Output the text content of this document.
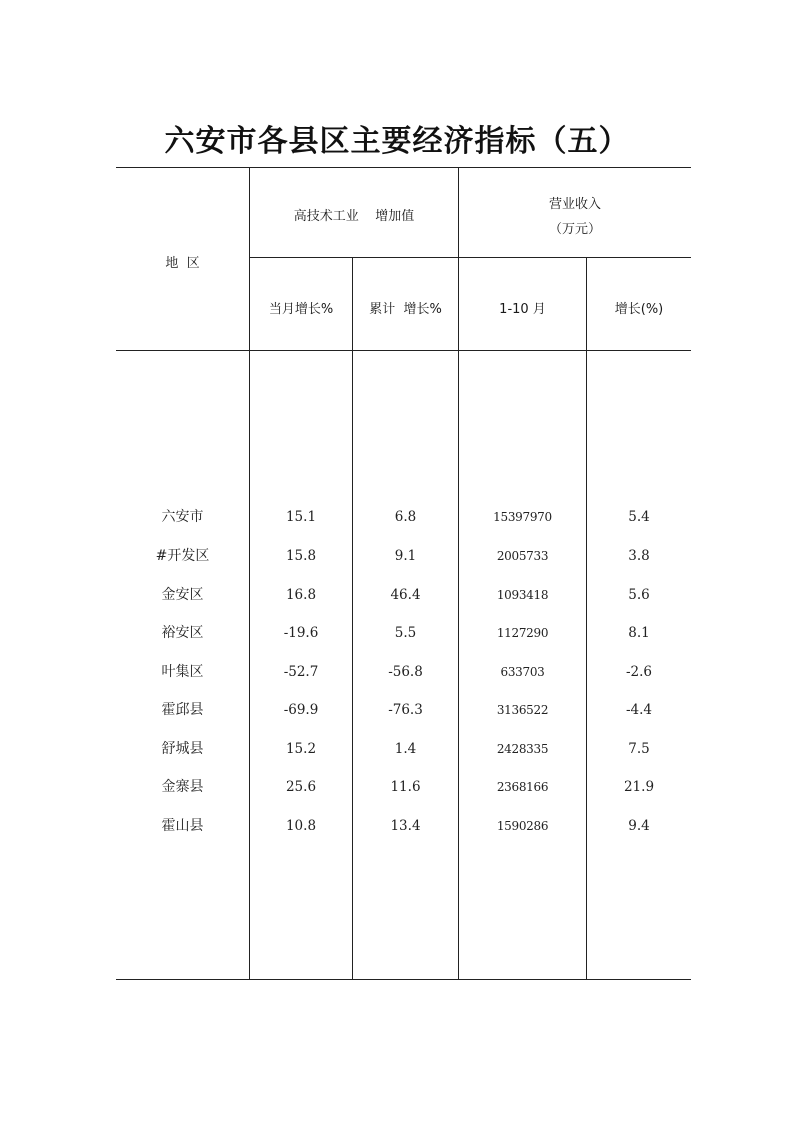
六安市各县区主要经济指标（五）
地  区
高技术工业    增加值
营业收入
（万元）
当月增长%	累计  增长%	1-10 月	增长(%)
六安市	15.1	6.8	15397970	5.4
#开发区	15.8	9.1	2005733	3.8
金安区	16.8	46.4	1093418	5.6
裕安区	-19.6	5.5	1127290	8.1
叶集区	-52.7	-56.8	633703	-2.6
霍邱县	-69.9	-76.3	3136522	-4.4
舒城县	15.2	1.4	2428335	7.5
金寨县	25.6	11.6	2368166	21.9
霍山县	10.8	13.4	1590286	9.4
